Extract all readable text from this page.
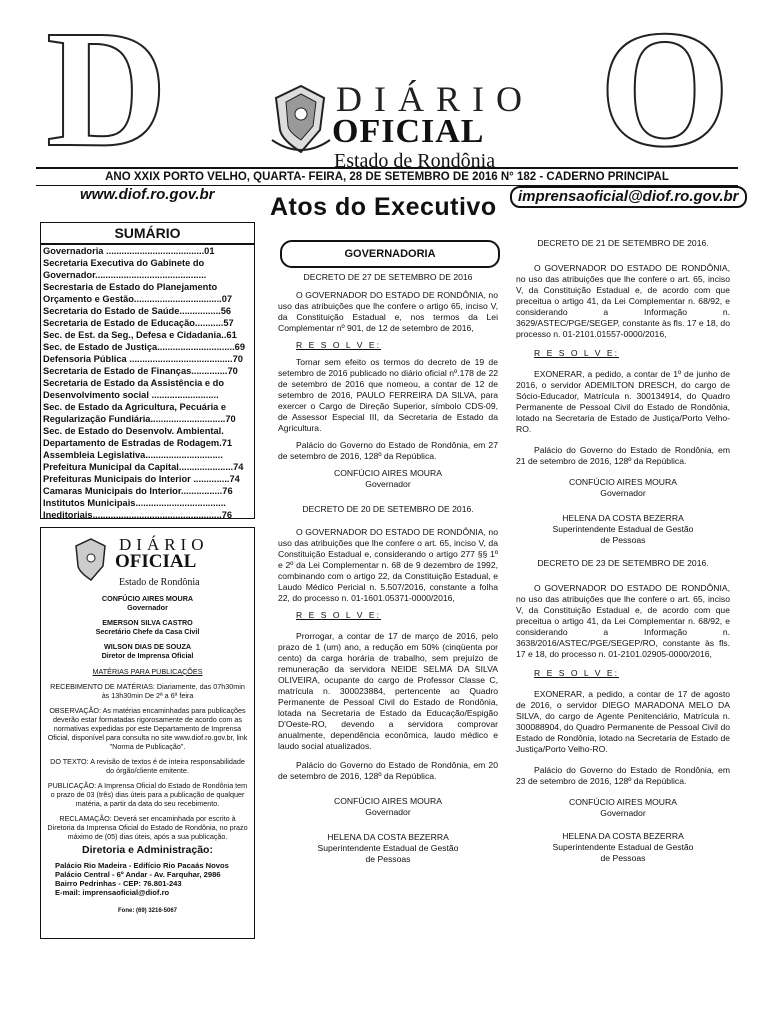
D	O
DIÁRIO
OFICIAL
Estado de Rondônia
ANO XXIX PORTO VELHO, QUARTA- FEIRA, 28 DE SETEMBRO DE 2016 N° 182 - CADERNO PRINCIPAL
www.diof.ro.gov.br Atos do Executivo	imprensaoficial@diof.ro.gov.br
SUMÁRIO
Governadoria ......................................01
Secretaria Executiva do Gabinete do
Governador...........................................
Secrestaria de Estado do Planejamento
Orçamento e Gestão..................................07
Secretaria do Estado de Saúde................56
Secretaria de Estado de Educação...........57
Sec. de Est. da Seg., Defesa e Cidadania..61
Sec. de Estado de Justiça..............................69
Defensoria Pública ........................................70
Secretaria de Estado de Finanças..............70
Secretaria de Estado da Assistência e do
Desenvolvimento social ..........................
Sec. de Estado da Agricultura, Pecuária e
Regularização Fundiária.............................70
Sec. de Estado do Desenvolv. Ambiental.
Departamento de Estradas de Rodagem.71
Assembleia Legislativa..............................
Prefeitura Municipal da Capital.....................74
Prefeituras Municipais do Interior ..............74
Camaras Municipais do Interior................76
Institutos Municipais...................................
Ineditoriais..................................................76
DIÁRIO
OFICIAL
Estado de Rondônia
CONFÚCIO AIRES MOURA
Governador
EMERSON SILVA CASTRO
Secretário Chefe da Casa Civil
WILSON DIAS DE SOUZA
Diretor de Imprensa Oficial
MATÉRIAS PARA PUBLICAÇÕES

RECEBIMENTO DE MATÉRIAS: Diariamente, das 07h30min às 13h30min De 2ª a 6ª feira

OBSERVAÇÃO: As matérias encaminhadas para publicações deverão estar formatadas rigorosamente de acordo com as normativas expedidas por este Departamento de Imprensa Oficial, disponível para consulta no site www.diof.ro.gov.br, link "Norma de Publicação".

DO TEXTO: A revisão de textos é de inteira responsabilidade do órgão/cliente emitente.

PUBLICAÇÃO: A Imprensa Oficial do Estado de Rondônia tem o prazo de 03 (três) dias úteis para a publicação de qualquer matéria, a partir da data do seu recebimento.

RECLAMAÇÃO: Deverá ser encaminhada por escrito à Diretoria da Imprensa Oficial do Estado de Rondônia, no prazo máximo de (05) dias úteis, após a sua publicação.

Diretoria e Administração:
Palácio Rio Madeira - Edifício Rio Pacaás Novos
Palácio Central - 6º Andar - Av. Farquhar, 2986
Bairro Pedrinhas - CEP: 76.801-243
E-mail: imprensaoficial@diof.ro
Fone: (69) 3216-5067
GOVERNADORIA

DECRETO DE 27 DE SETEMBRO DE 2016

O GOVERNADOR DO ESTADO DE RONDÔNIA, no uso das atribuições que lhe confere o artigo 65, inciso V, da Constituição Estadual e, nos termos da Lei Complementar nº 901, de 12 de setembro de 2016,

R E S O L V E:

Tornar sem efeito os termos do decreto de 19 de setembro de 2016 publicado no diário oficial nº.178 de 22 de setembro de 2016 que nomeou, a contar de 12 de setembro de 2016, PAULO FERREIRA DA SILVA, para exercer o Cargo de Direção Superior, símbolo CDS-09, de Assessor Especial III, da Secretaria de Estado da Agricultura.

Palácio do Governo do Estado de Rondônia, em 27 de setembro de 2016, 128º da República.

CONFÚCIO AIRES MOURA

Governador

DECRETO DE 20 DE SETEMBRO DE 2016.

O GOVERNADOR DO ESTADO DE RONDÔNIA, no uso das atribuições que lhe confere o art. 65, inciso V, da Constituição Estadual e, considerando o artigo 277 §§ 1º e 2º da Lei Complementar n. 68 de 9 dezembro de 1992, combinando com o artigo 22, da Constituição Estadual, e Laudo Médico Pericial n. 5.507/2016, constante a folha 22, do processo n. 01-1601.05371-0000/2016,

R E S O L V E:

Prorrogar, a contar de 17 de março de 2016, pelo prazo de 1 (um) ano, a redução em 50% (cinqüenta por cento) da carga horária de trabalho, sem prejuízo de remuneração da servidora NEIDE SELMA DA SILVA OLIVEIRA, ocupante do cargo de Professor Classe C, matrícula n. 300023884, pertencente ao Quadro Permanente de Pessoal Civil do Estado de Rondônia, lotada na Secretaria de Estado da Educação/Espigão D'Oeste-RO, devendo a servidora comprovar anualmente, dependência econômica, laudo médico e laudo social atualizados.

Palácio do Governo do Estado de Rondônia, em 20 de setembro de 2016, 128º da República.

CONFÚCIO AIRES MOURA

Governador

HELENA DA COSTA BEZERRA

Superintendente Estadual de Gestão

de Pessoas

DECRETO DE 21 DE SETEMBRO DE 2016.

O GOVERNADOR DO ESTADO DE RONDÔNIA, no uso das atribuições que lhe confere o art. 65, inciso V, da Constituição Estadual e, de acordo com que preceitua o artigo 41, da Lei Complementar n. 68/92, e considerando a Informação n. 3629/ASTEC/PGE/SEGEP, constante às fls. 17 e 18, do processo n. 01-2101.01557-0000/2016,

R E S O L V E:

EXONERAR, a pedido, a contar de 1º de junho de 2016, o servidor ADEMILTON DRESCH, do cargo de Sócio-Educador, Matrícula n. 300134914, do Quadro Permanente de Pessoal Civil do Estado de Rondônia, lotado na Secretaria de Estado de Justiça/Porto Velho-RO.

Palácio do Governo do Estado de Rondônia, em 21 de setembro de 2016, 128º da República.

CONFÚCIO AIRES MOURA

Governador

HELENA DA COSTA BEZERRA

Superintendente Estadual de Gestão

de Pessoas

DECRETO DE 23 DE SETEMBRO DE 2016.

O GOVERNADOR DO ESTADO DE RONDÔNIA, no uso das atribuições que lhe confere o art. 65, inciso V, da Constituição Estadual e, de acordo com que preceitua o artigo 41, da Lei Complementar n. 68/92, e considerando a Informação n. 3638/2016/ASTEC/PGE/SEGEP/RO, constante às fls. 17 e 18, do processo n. 01-2101.02905-0000/2016,

R E S O L V E:

EXONERAR, a pedido, a contar de 17 de agosto de 2016, o servidor DIEGO MARADONA MELO DA SILVA, do cargo de Agente Penitenciário, Matrícula n. 300088904, do Quadro Permanente de Pessoal Civil do Estado de Rondônia, lotado na Secretaria de Estado de Justiça/Porto Velho-RO.

Palácio do Governo do Estado de Rondônia, em 23 de setembro de 2016, 128º da República.

CONFÚCIO AIRES MOURA

Governador

HELENA DA COSTA BEZERRA

Superintendente Estadual de Gestão

de Pessoas
